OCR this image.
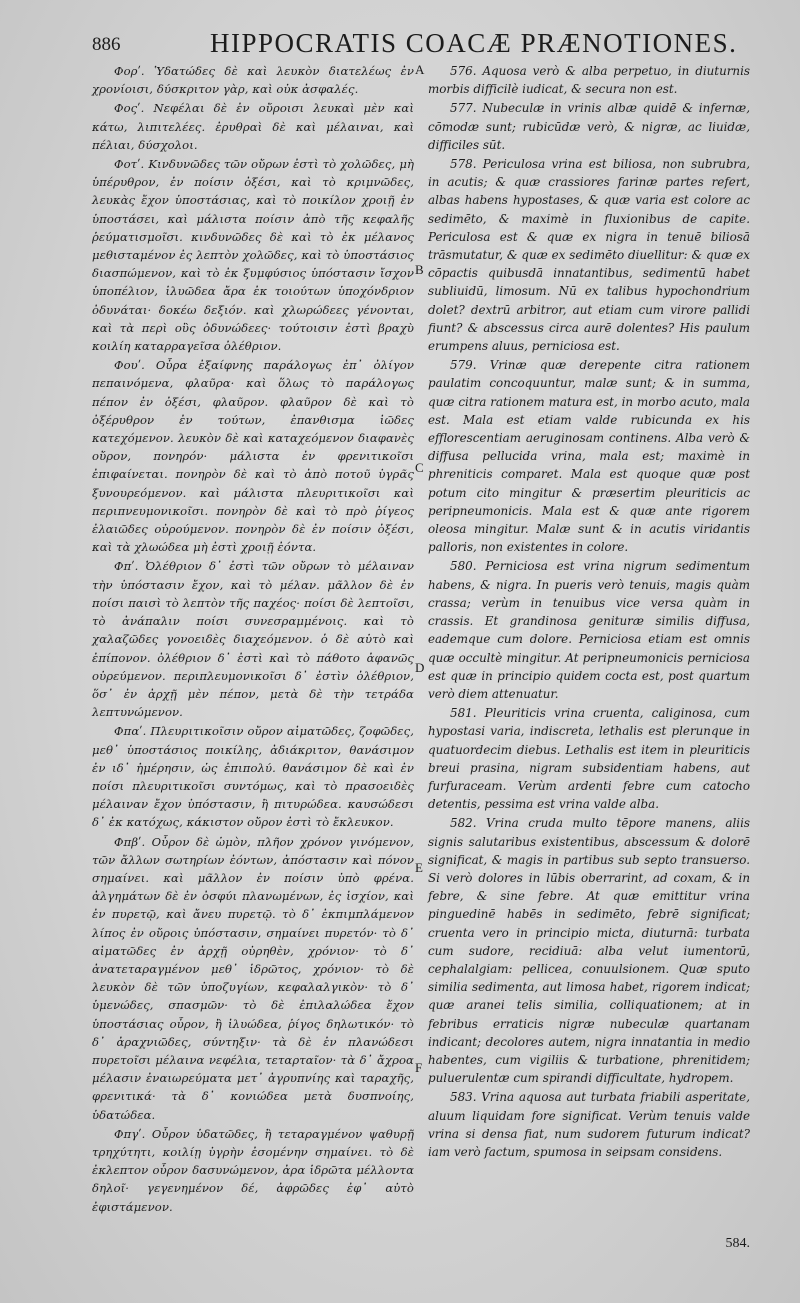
886	HIPPOCRATIS COACÆ PRÆNOTIONES.

Φορʹ. Ὑδατώδες δὲ καὶ λευκὸν διατελέως ἐν χρονίοισι, δύσκριτον γὰρ, καὶ οὐκ ἀσφαλές.

Φοςʹ. Νεφέλαι δὲ ἐν οὔροισι λευκαὶ μὲν καὶ κάτω, λιπιτελέες. ἐρυθραὶ δὲ καὶ μέλαιναι, καὶ πέλιαι, δύσχολοι.

Φοτʹ. Κινδυνῶδες τῶν οὔρων ἐστὶ τὸ χολῶδες, μὴ ὑπέρυθρον, ἐν ποίσιν ὀξέσι, καὶ τὸ κριμνῶδες, λευκὰς ἔχον ὑποστάσιας, καὶ τὸ ποικίλον χροιῇ ἐν ὑποστάσει, καὶ μάλιστα ποίσιν ἀπὸ τῆς κεφαλῆς ῥεύματισμοῖσι. κινδυνῶδες δὲ καὶ τὸ ἐκ μέλανος μεθισταμένον ἐς λεπτὸν χολῶδες, καὶ τὸ ὑποστάσιος διασπώμενον, καὶ τὸ ἐκ ξυμφύσιος ὑπόστασιν ἴσχον ὑποπέλιον, ἰλυῶδεα ἄρα ἐκ τοιούτων ὑποχόνδριον ὀδυνάται· δοκέω δεξιόν. καὶ χλωρώδεες γένονται, καὶ τὰ περὶ οὓς ὀδυνώδεες· τούτοισιν ἐστὶ βραχὺ κοιλίη καταρραγεῖσα ὀλέθριον.

Φουʹ. Οὖρα ἐξαίφνης παράλογως ἐπ᾽ ὀλίγον πεπαινόμενα, φλαῦρα· καὶ ὅλως τὸ παράλογως πέπον ἐν ὀξέσι, φλαῦρον. φλαῦρον δὲ καὶ τὸ ὀξέρυθρον ἐν τούτων, ἐπανθισμα ἰῶδες κατεχόμενον. λευκὸν δὲ καὶ καταχεόμενον διαφανὲς οὔρον, πονηρόν· μάλιστα ἐν φρενιτικοῖσι ἐπιφαίνεται. πονηρὸν δὲ καὶ τὸ ἀπὸ ποτοῦ ὑγρᾶς ξυνουρεόμενον. καὶ μάλιστα πλευριτικοῖσι καὶ περιπνευμονικοῖσι. πονηρὸν δὲ καὶ τὸ πρὸ ῥίγεος ἐλαιῶδες οὐρούμενον. πονηρὸν δὲ ἐν ποίσιν ὀξέσι, καὶ τὰ χλωώδεα μὴ ἐστὶ χροιῇ ἐόντα.

Φπʹ. Ὀλέθριον δ᾽ ἐστὶ τῶν οὔρων τὸ μέλαιναν τὴν ὑπόστασιν ἔχον, καὶ τὸ μέλαν. μᾶλλον δὲ ἐν ποίσι παισὶ τὸ λεπτὸν τῆς παχέος· ποίσι δὲ λεπτοῖσι, τὸ ἀνάπαλιν ποίσι συνεσραμμένοις. καὶ τὸ χαλαζῶδες γονοειδὲς διαχεόμενον. ὁ δὲ αὐτὸ καὶ ἐπίπονον. ὀλέθριον δ᾽ ἐστὶ καὶ τὸ πάθοτο ἀφανῶς οὐρεύμενον. περιπλευμονικοῖσι δ᾽ ἐστὶν ὀλέθριον, ὅσ᾽ ἐν ἀρχῇ μὲν πέπον, μετὰ δὲ τὴν τετράδα λεπτυνώμενον.

Φπαʹ. Πλευριτικοῖσιν οὔρον αἱματῶδες, ζοφῶδες, μεθ᾽ ὑποστάσιος ποικίλης, ἀδιάκριτον, θανάσιμον ἐν ιδ᾽ ἡμέρησιν, ὡς ἐπιπολύ. θανάσιμον δὲ καὶ ἐν ποίσι πλευριτικοῖσι συντόμως, καὶ τὸ πρασοειδὲς μέλαιναν ἔχον ὑπόστασιν, ἢ πιτυρώδεα. καυσώδεσι δ᾽ ἐκ κατόχως, κάκιστον οὔρον ἐστὶ τὸ ἔκλευκον.

Φπβʹ. Οὖρον δὲ ὠμὸν, πλῆον χρόνον γινόμενον, τῶν ἄλλων σωτηρίων ἐόντων, ἀπόστασιν καὶ πόνον σημαίνει. καὶ μᾶλλον ἐν ποίσιν ὑπὸ φρένα. ἀλγημάτων δὲ ἐν ὀσφύι πλανωμένων, ἐς ἰσχίον, καὶ ἐν πυρετῷ, καὶ ἄνευ πυρετῷ. τὸ δ᾽ ἐκπιμπλάμενον λίπος ἐν οὔροις ὑπόστασιν, σημαίνει πυρετόν· τὸ δ᾽ αἱματῶδες ἐν ἀρχῇ οὐρηθὲν, χρόνιον· τὸ δ᾽ ἀνατεταραγμένον μεθ᾽ ἱδρῶτος, χρόνιον· τὸ δὲ λευκὸν δὲ τῶν ὑποζυγίων, κεφαλαλγικὸν· τὸ δ᾽ ὑμενώδες, σπασμῶν· τὸ δὲ ἐπιλαλώδεα ἔχον ὑποστάσιας οὖρον, ἢ ἰλυώδεα, ῥίγος δηλωτικόν· τὸ δ᾽ ἀραχνιῶδες, σύντηξιν· τὰ δὲ ἐν πλανώδεσι πυρετοῖσι μέλαινα νεφέλια, τεταρταῖον· τὰ δ᾽ ἄχροα μέλασιν ἐναιωρεύματα μετ᾽ ἀγρυπνίης καὶ ταραχῆς, φρενιτικά· τὰ δ᾽ κονιώδεα μετὰ δυσπνοίης, ὑδατώδεα.

Φπγʹ. Οὖρον ὑδατῶδες, ἢ τεταραγμένον ψαθυρῇ τρηχύτητι, κοιλίῃ ὑγρὴν ἐσομένην σημαίνει. τὸ δὲ ἐκλεπτον οὖρον δασυνώμενον, ἀρα ἱδρῶτα μέλλοντα δηλοῖ· γεγενημένον δέ, ἀφρῶδες ἐφ᾽ αὐτὸ ἐφιστάμενον.

A
B
C
D
E
F

576. Aquosa verò & alba perpetuo, in diuturnis morbis difficilè iudicat, & secura non est.

577. Nubeculæ in vrinis albæ quidē & infernæ, cōmodæ sunt; rubicūdæ verò, & nigræ, ac liuidæ, difficiles sūt.

578. Periculosa vrina est biliosa, non subrubra, in acutis; & quæ crassiores farinæ partes refert, albas habens hypostases, & quæ varia est colore ac sedimēto, & maximè in fluxionibus de capite. Periculosa est & quæ ex nigra in tenuē biliosā trāsmutatur, & quæ ex sedimēto diuellitur: & quæ ex cōpactis quibusdā innatantibus, sedimentū habet subliuidū, limosum. Nū ex talibus hypochondrium dolet? dextrū arbitror, aut etiam cum virore pallidi fiunt? & abscessus circa aurē dolentes? His paulum erumpens aluus, perniciosa est.

579. Vrinæ quæ derepente citra rationem paulatim concoquuntur, malæ sunt; & in summa, quæ citra rationem matura est, in morbo acuto, mala est. Mala est etiam valde rubicunda ex his efflorescentiam aeruginosam continens. Alba verò & diffusa pellucida vrina, mala est; maximè in phreniticis comparet. Mala est quoque quæ post potum cito mingitur & præsertim pleuriticis ac peripneumonicis. Mala est & quæ ante rigorem oleosa mingitur. Malæ sunt & in acutis viridantis palloris, non existentes in colore.

580. Perniciosa est vrina nigrum sedimentum habens, & nigra. In pueris verò tenuis, magis quàm crassa; verùm in tenuibus vice versa quàm in crassis. Et grandinosa genituræ similis diffusa, eademque cum dolore. Perniciosa etiam est omnis quæ occultè mingitur. At peripneumonicis perniciosa est quæ in principio quidem cocta est, post quartum verò diem attenuatur.

581. Pleuriticis vrina cruenta, caliginosa, cum hypostasi varia, indiscreta, lethalis est plerunque in quatuordecim diebus. Lethalis est item in pleuriticis breui prasina, nigram subsidentiam habens, aut furfuraceam. Verùm ardenti febre cum catocho detentis, pessima est vrina valde alba.

582. Vrina cruda multo tēpore manens, aliis signis salutaribus existentibus, abscessum & dolorē significat, & magis in partibus sub septo transuerso. Si verò dolores in lūbis oberrarint, ad coxam, & in febre, & sine febre. At quæ emittitur vrina pinguedinē habēs in sedimēto, febrē significat; cruenta vero in principio micta, diuturnā: turbata cum sudore, recidiuā: alba velut iumentorū, cephalalgiam: pellicea, conuulsionem. Quæ sputo similia sedimenta, aut limosa habet, rigorem indicat; quæ aranei telis similia, colliquationem; at in febribus erraticis nigræ nubeculæ quartanam indicant; decolores autem, nigra innatantia in medio habentes, cum vigiliis & turbatione, phrenitidem; puluerulentæ cum spirandi difficultate, hydropem.

583. Vrina aquosa aut turbata friabili asperitate, aluum liquidam fore significat. Verùm tenuis valde vrina si densa fiat, num sudorem futurum indicat? iam verò factum, spumosa in seipsam considens.

584.
